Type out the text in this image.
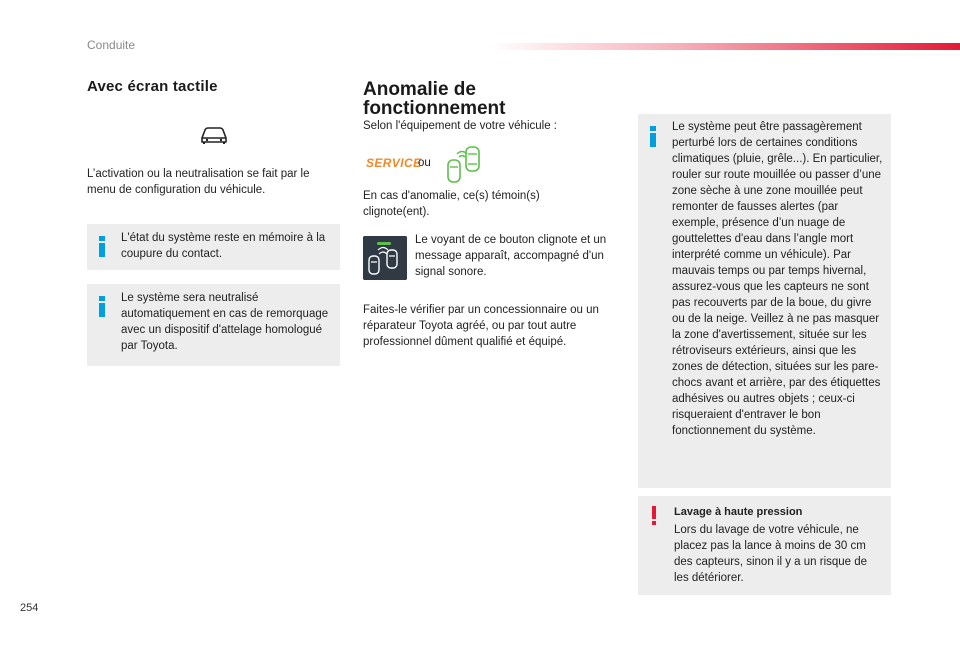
Conduite
Avec écran tactile
L’activation ou la neutralisation se fait par le menu de configuration du véhicule.
L'état du système reste en mémoire à la coupure du contact.
Le système sera neutralisé automatiquement en cas de remorquage avec un dispositif d'attelage homologué par Toyota.
Anomalie de fonctionnement
Selon l'équipement de votre véhicule :
SERVICE
ou
En cas d'anomalie, ce(s) témoin(s) clignote(ent).
Le voyant de ce bouton clignote et un message apparaît, accompagné d'un signal sonore.
Faites-le vérifier par un concessionnaire ou un réparateur Toyota agréé, ou par tout autre professionnel dûment qualifié et équipé.
Le système peut être passagèrement perturbé lors de certaines conditions climatiques (pluie, grêle...). En particulier, rouler sur route mouillée ou passer d’une zone sèche à une zone mouillée peut remonter de fausses alertes (par exemple, présence d’un nuage de gouttelettes d'eau dans l’angle mort interprété comme un véhicule). Par mauvais temps ou par temps hivernal, assurez-vous que les capteurs ne sont pas recouverts par de la boue, du givre ou de la neige. Veillez à ne pas masquer la zone d'avertissement, située sur les rétroviseurs extérieurs, ainsi que les zones de détection, situées sur les pare-chocs avant et arrière, par des étiquettes adhésives ou autres objets ; ceux-ci risqueraient d'entraver le bon fonctionnement du système.
Lavage à haute pression
Lors du lavage de votre véhicule, ne placez pas la lance à moins de 30 cm des capteurs, sinon il y a un risque de les détériorer.
254
